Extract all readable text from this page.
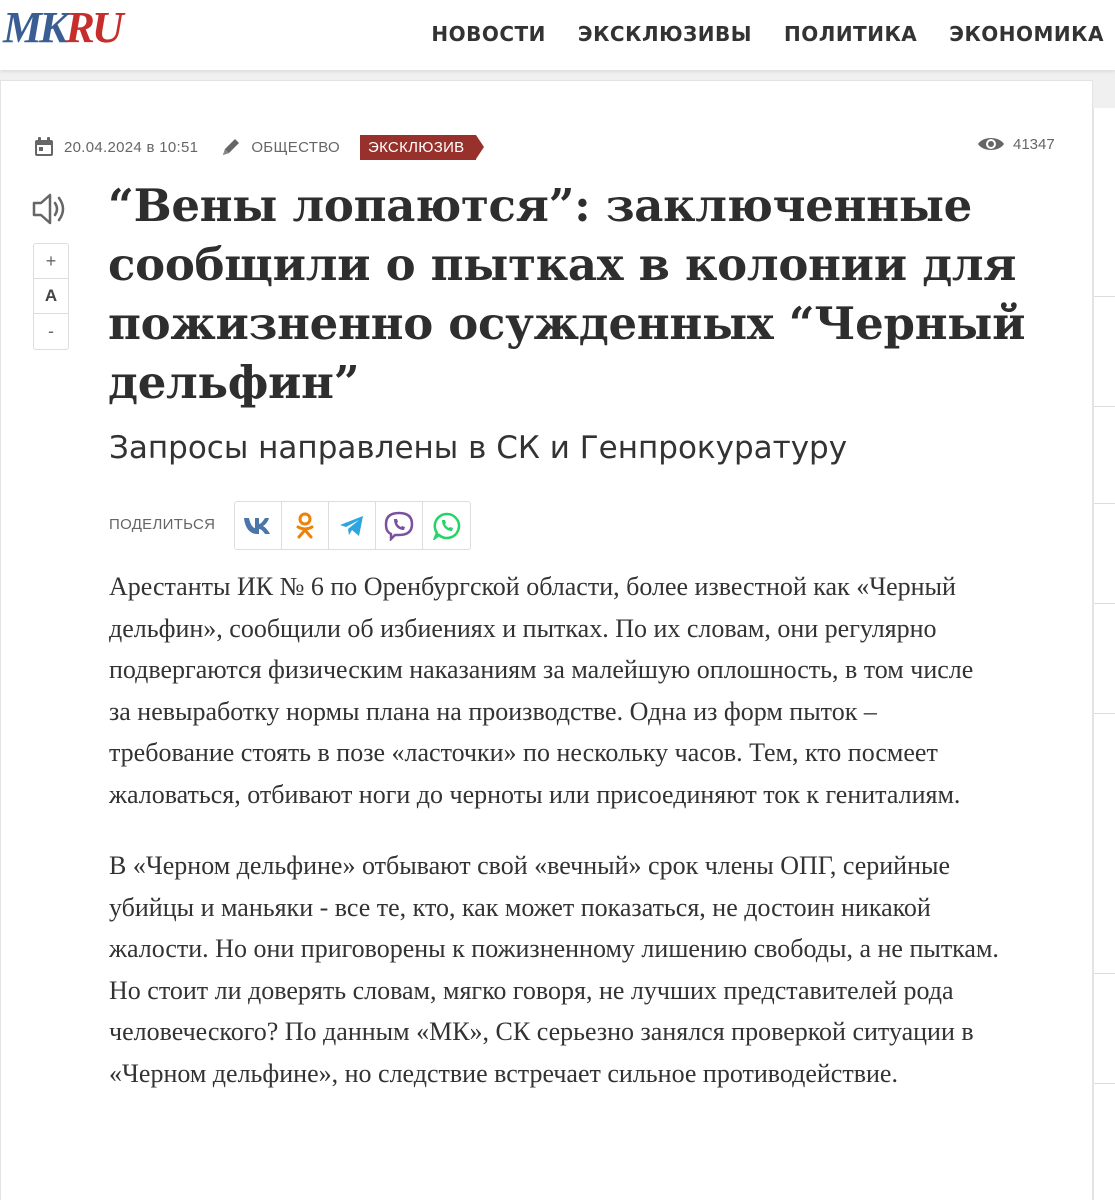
MKRU	НОВОСТИ ЭКСКЛЮЗИВЫ ПОЛИТИКА ЭКОНОМИКА
20.04.2024 в 10:51	ОБЩЕСТВО	ЭКСКЛЮЗИВ	41347
+
A
-
“Вены лопаются”: заключенные сообщили о пытках в колонии для пожизненно осужденных “Черный дельфин”
Запросы направлены в СК и Генпрокуратуру
ПОДЕЛИТЬСЯ

Арестанты ИК № 6 по Оренбургской области, более известной как «Черный дельфин», сообщили об избиениях и пытках. По их словам, они регулярно подвергаются физическим наказаниям за малейшую оплошность, в том числе за невыработку нормы плана на производстве. Одна из форм пыток – требование стоять в позе «ласточки» по нескольку часов. Тем, кто посмеет жаловаться, отбивают ноги до черноты или присоединяют ток к гениталиям.

В «Черном дельфине» отбывают свой «вечный» срок члены ОПГ, серийные убийцы и маньяки - все те, кто, как может показаться, не достоин никакой жалости. Но они приговорены к пожизненному лишению свободы, а не пыткам. Но стоит ли доверять словам, мягко говоря, не лучших представителей рода человеческого? По данным «МК», СК серьезно занялся проверкой ситуации в «Черном дельфине», но следствие встречает сильное противодействие.
